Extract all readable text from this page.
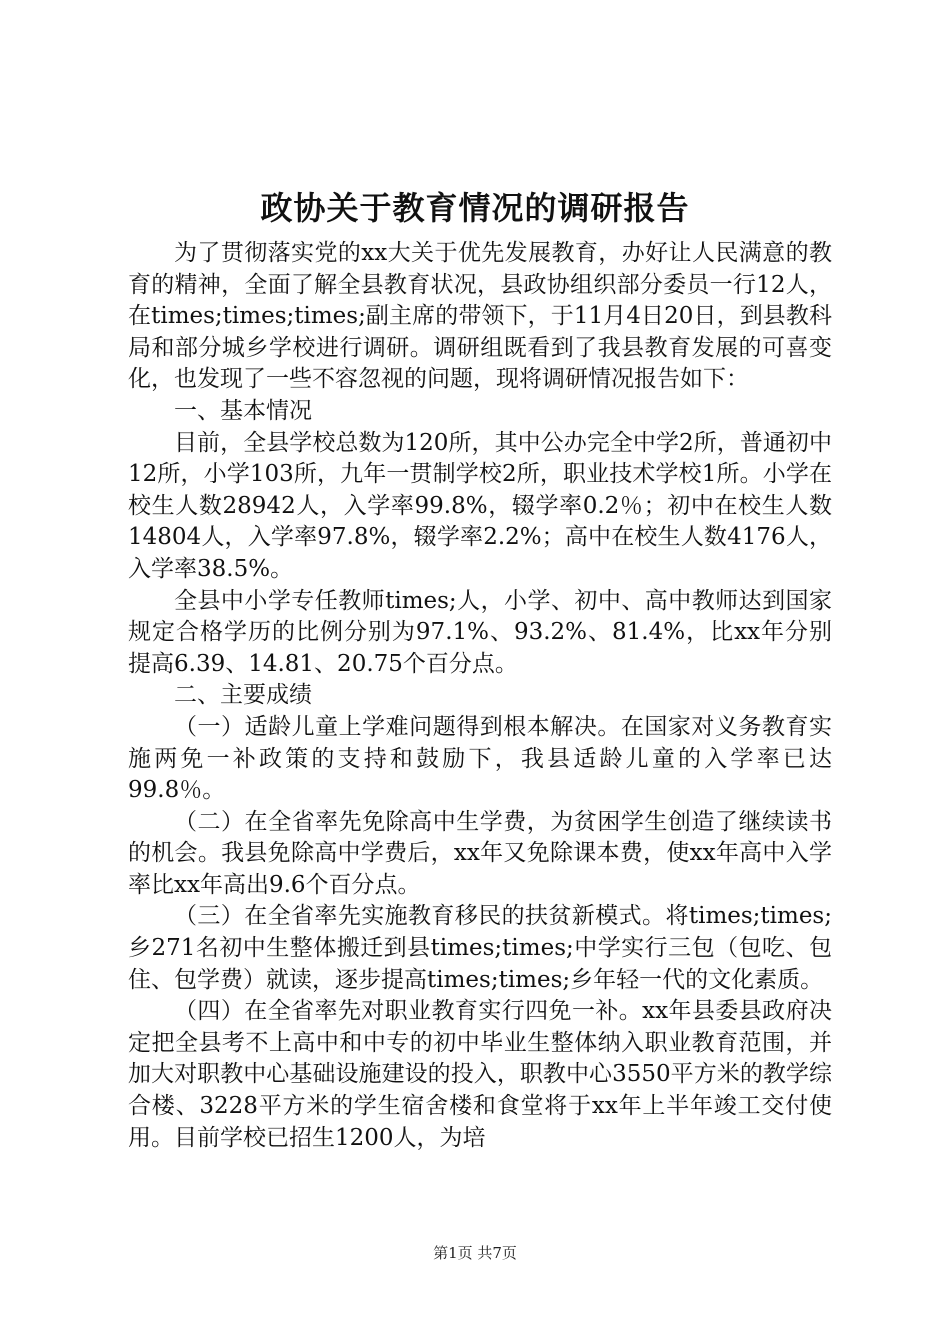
政协关于教育情况的调研报告

为了贯彻落实党的xx大关于优先发展教育，办好让人民满意的教育的精神，全面了解全县教育状况，县政协组织部分委员一行12人，在times;times;times;副主席的带领下，于11月4日20日，到县教科局和部分城乡学校进行调研。调研组既看到了我县教育发展的可喜变化，也发现了一些不容忽视的问题，现将调研情况报告如下：

一、基本情况

目前，全县学校总数为120所，其中公办完全中学2所，普通初中12所，小学103所，九年一贯制学校2所，职业技术学校1所。小学在校生人数28942人，入学率99.8%，辍学率0.2％；初中在校生人数14804人，入学率97.8%，辍学率2.2%；高中在校生人数4176人，入学率38.5%。

全县中小学专任教师times;人，小学、初中、高中教师达到国家规定合格学历的比例分别为97.1%、93.2%、81.4%，比xx年分别提高6.39、14.81、20.75个百分点。

二、主要成绩

（一）适龄儿童上学难问题得到根本解决。在国家对义务教育实施两免一补政策的支持和鼓励下，我县适龄儿童的入学率已达99.8％。

（二）在全省率先免除高中生学费，为贫困学生创造了继续读书的机会。我县免除高中学费后，xx年又免除课本费，使xx年高中入学率比xx年高出9.6个百分点。

（三）在全省率先实施教育移民的扶贫新模式。将times;times;乡271名初中生整体搬迁到县times;times;中学实行三包（包吃、包住、包学费）就读，逐步提高times;times;乡年轻一代的文化素质。

（四）在全省率先对职业教育实行四免一补。xx年县委县政府决定把全县考不上高中和中专的初中毕业生整体纳入职业教育范围，并加大对职教中心基础设施建设的投入，职教中心3550平方米的教学综合楼、3228平方米的学生宿舍楼和食堂将于xx年上半年竣工交付使用。目前学校已招生1200人，为培

第1页 共7页
